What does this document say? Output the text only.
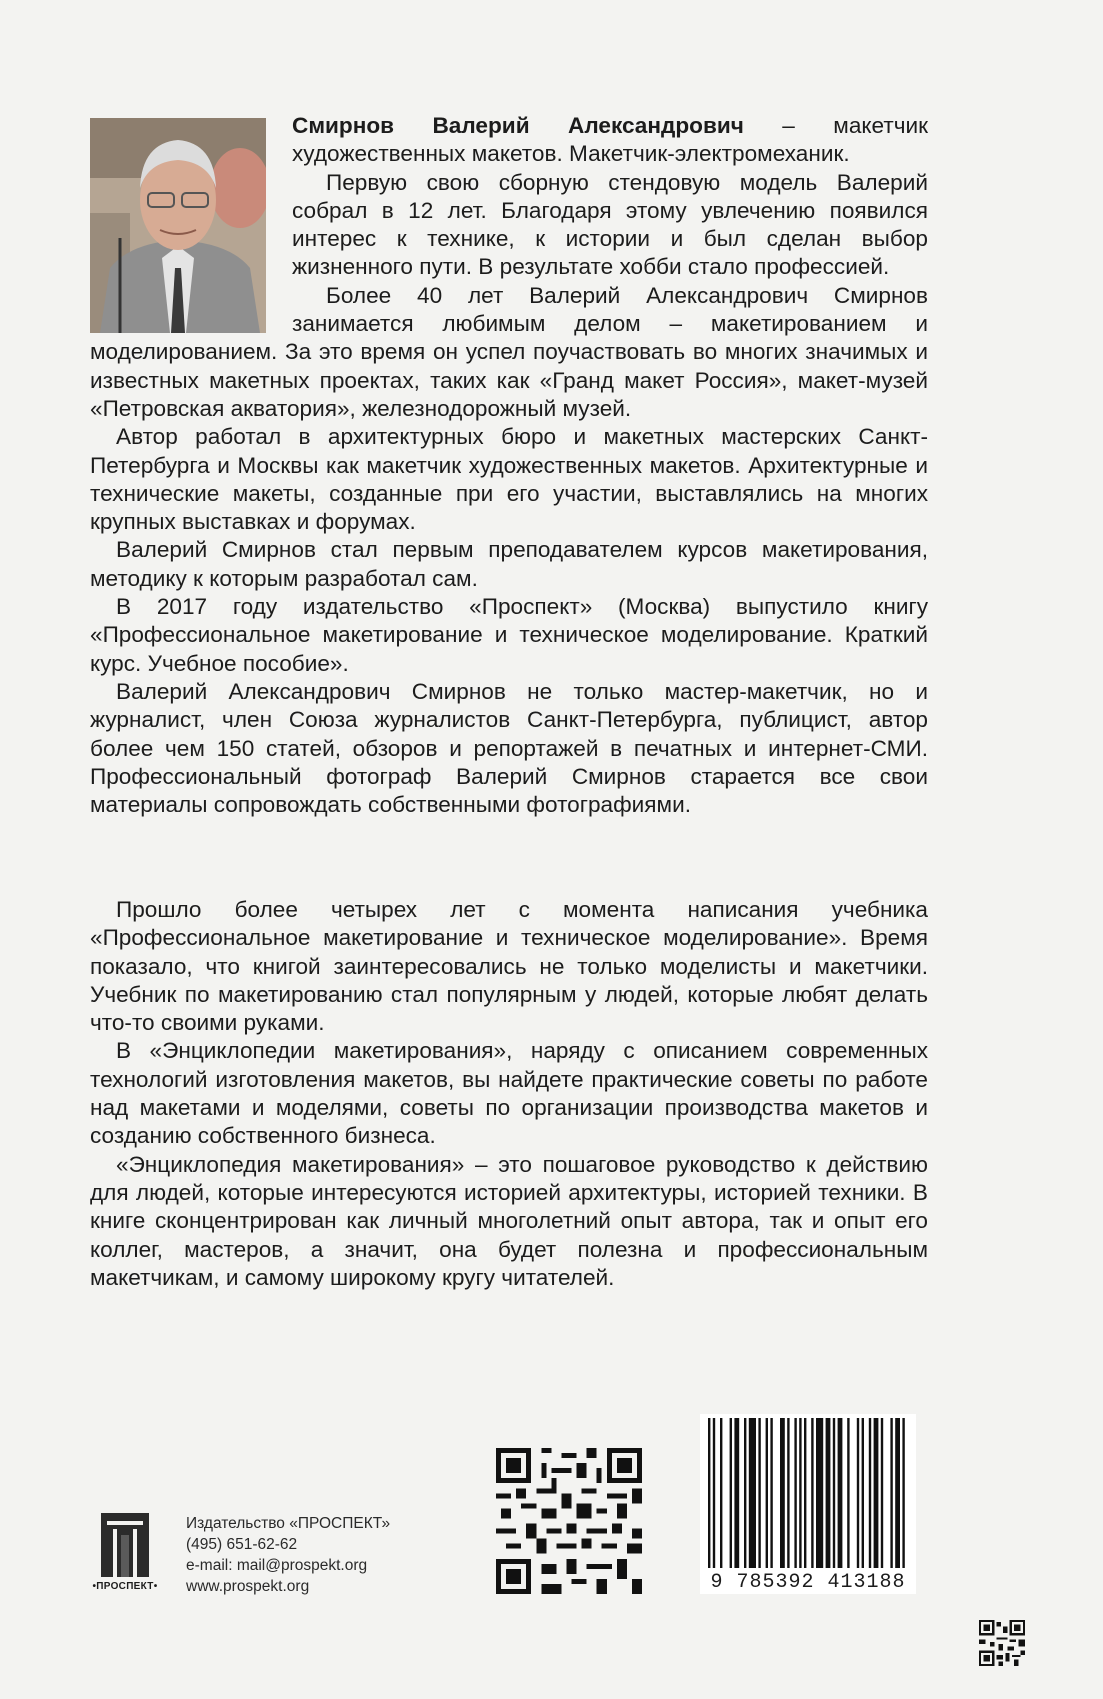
Смирнов Валерий Александрович – макетчик художественных макетов. Макетчик-электромеханик.

Первую свою сборную стендовую модель Валерий собрал в 12 лет. Благодаря этому увлечению появился интерес к технике, к истории и был сделан выбор жизненного пути. В результате хобби стало профессией.

Более 40 лет Валерий Александрович Смирнов занимается любимым делом – макетированием и моделированием. За это время он успел поучаствовать во многих значимых и известных макетных проектах, таких как «Гранд макет Россия», макет-музей «Петровская акватория», железнодорожный музей.

Автор работал в архитектурных бюро и макетных мастерских Санкт-Петербурга и Москвы как макетчик художественных макетов. Архитектурные и технические макеты, созданные при его участии, выставлялись на многих крупных выставках и форумах.

Валерий Смирнов стал первым преподавателем курсов макетирования, методику к которым разработал сам.

В 2017 году издательство «Проспект» (Москва) выпустило книгу «Профессиональное макетирование и техническое моделирование. Краткий курс. Учебное пособие».

Валерий Александрович Смирнов не только мастер-макетчик, но и журналист, член Союза журналистов Санкт-Петербурга, публицист, автор более чем 150 статей, обзоров и репортажей в печатных и интернет-СМИ. Профессиональный фотограф Валерий Смирнов старается все свои материалы сопровождать собственными фотографиями.

Прошло более четырех лет с момента написания учебника «Профессиональное макетирование и техническое моделирование». Время показало, что книгой заинтересовались не только моделисты и макетчики. Учебник по макетированию стал популярным у людей, которые любят делать что-то своими руками.

В «Энциклопедии макетирования», наряду с описанием современных технологий изготовления макетов, вы найдете практические советы по работе над макетами и моделями, советы по организации производства макетов и созданию собственного бизнеса.

«Энциклопедия макетирования» – это пошаговое руководство к действию для людей, которые интересуются историей архитектуры, историей техники. В книге сконцентрирован как личный многолетний опыт автора, так и опыт его коллег, мастеров, а значит, она будет полезна и профессиональным макетчикам, и самому широкому кругу читателей.

•ПРОСПЕКТ•
Издательство «ПРОСПЕКТ»
(495) 651-62-62
e-mail: mail@prospekt.org
www.prospekt.org	9 785392 413188
